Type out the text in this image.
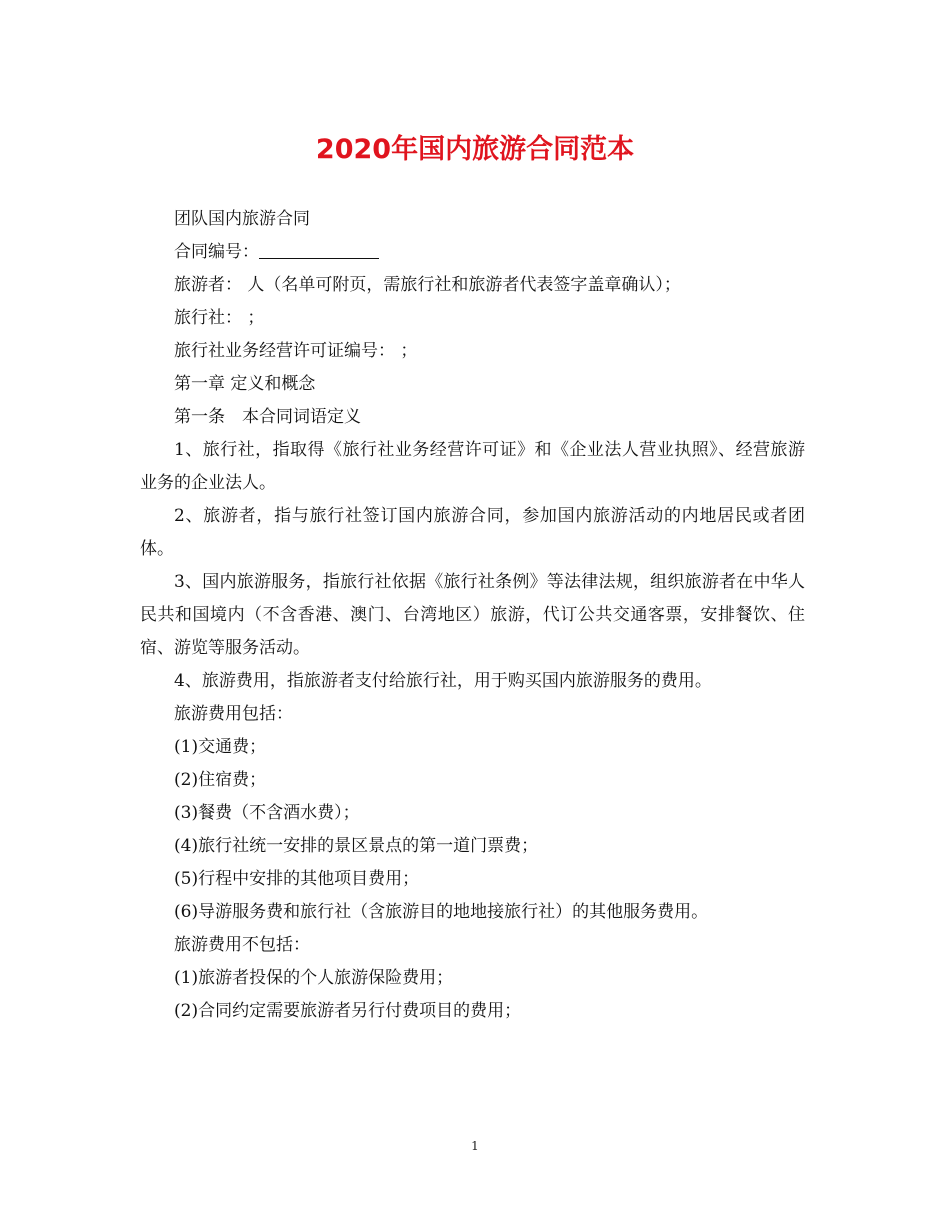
2020年国内旅游合同范本

团队国内旅游合同

合同编号：

旅游者： 人（名单可附页，需旅行社和旅游者代表签字盖章确认）；

旅行社： ；

旅行社业务经营许可证编号： ；

第一章 定义和概念

第一条　本合同词语定义

1、旅行社，指取得《旅行社业务经营许可证》和《企业法人营业执照》、经营旅游业务的企业法人。

2、旅游者，指与旅行社签订国内旅游合同，参加国内旅游活动的内地居民或者团体。

3、国内旅游服务，指旅行社依据《旅行社条例》等法律法规，组织旅游者在中华人民共和国境内（不含香港、澳门、台湾地区）旅游，代订公共交通客票，安排餐饮、住宿、游览等服务活动。

4、旅游费用，指旅游者支付给旅行社，用于购买国内旅游服务的费用。

旅游费用包括：

(1)交通费；

(2)住宿费；

(3)餐费（不含酒水费）；

(4)旅行社统一安排的景区景点的第一道门票费；

(5)行程中安排的其他项目费用；

(6)导游服务费和旅行社（含旅游目的地地接旅行社）的其他服务费用。

旅游费用不包括：

(1)旅游者投保的个人旅游保险费用；

(2)合同约定需要旅游者另行付费项目的费用；

1
